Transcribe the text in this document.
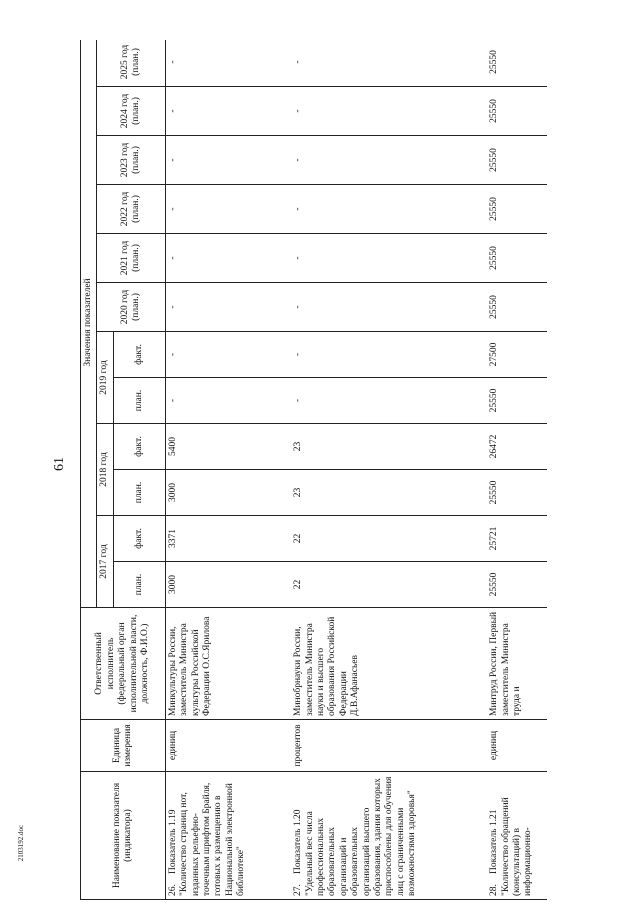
61
2103192.doc	Наименование показателя (индикатора)	Единица измерения	Ответственный исполнитель (федеральный орган исполнительной власти, должность, Ф.И.О.)	Значения показателей											
			2017 год		2018 год		2019 год		2020 год (план.)	2021 год (план.)	2022 год (план.)	2023 год (план.)	2024 год (план.)	2025 год (план.)
			план.	факт.	план.	факт.	план.	факт.						
26.Показатель 1.19 "Количество страниц нот, изданных рельефно-точечным шрифтом Брайля, готовых к размещению в Национальной электронной библиотеке"	единиц	Минкультуры России, заместитель Министра культуры Российской Федерации О.С.Ярилова	3000	3371	3000	5400	-	-	-	-	-	-	-	-
27.Показатель 1.20 "Удельный вес числа профессиональных образовательных организаций и образовательных организаций высшего образования, здания которых приспособлены для обучения лиц с ограниченными возможностями здоровья"	процентов	Минобрнауки России, заместитель Министра науки и высшего образования Российской Федерации Д.В.Афанасьев	22	22	23	23	-	-	-	-	-	-	-	-
28.Показатель 1.21 "Количество обращений (консультаций) в информационно-	единиц	Минтруд России, Первый заместитель Министра труда и	25550	25721	25550	26472	25550	27500	25550	25550	25550	25550	25550	25550
